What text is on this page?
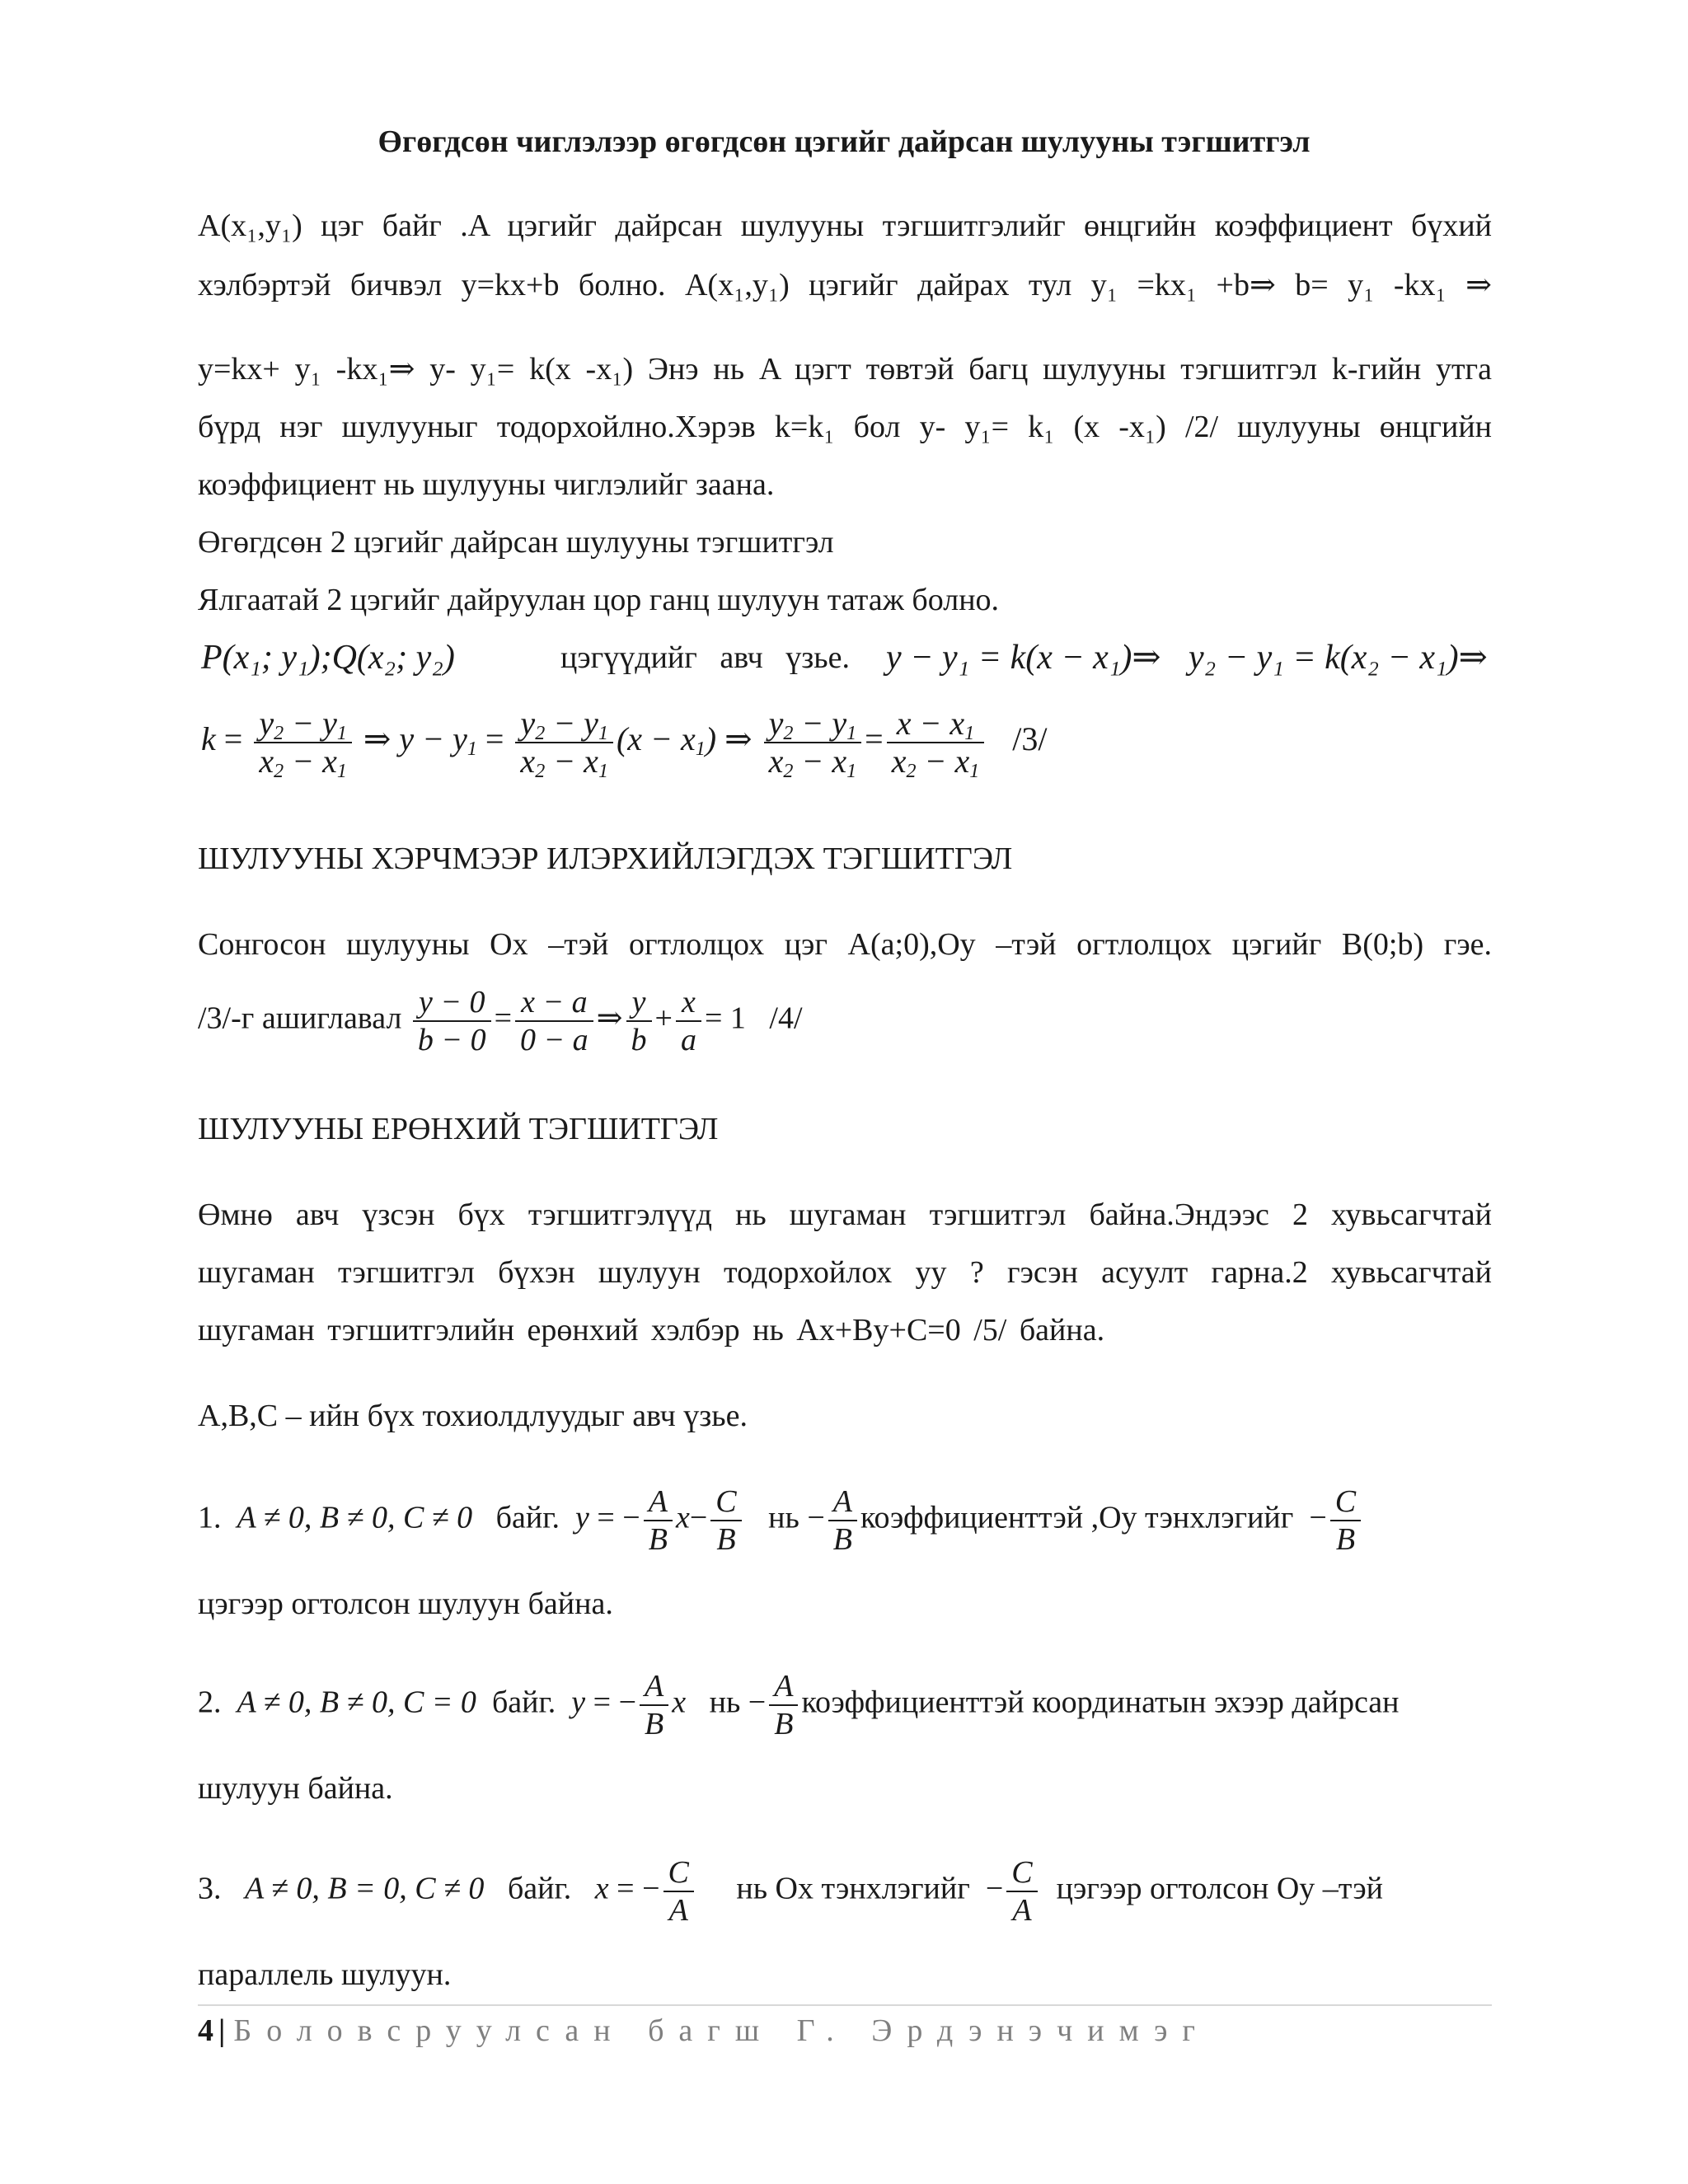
Өгөгдсөн чиглэлээр өгөгдсөн цэгийг дайрсан шулууны тэгшитгэл
A(x₁,y₁) цэг байг .A цэгийг дайрсан шулууны тэгшитгэлийг өнцгийн коэффициент бүхий
хэлбэртэй бичвэл y=kx+b болно. A(x₁,y₁) цэгийг дайрах тул y₁ =kx₁ +b⇒ b= y₁ -kx₁ ⇒
y=kx+ y₁ -kx₁⇒ y- y₁= k(x -x₁) Энэ нь A цэгт төвтэй багц шулууны тэгшитгэл k-гийн утга
бүрд нэг шулууныг тодорхойлно.Хэрэв k=k₁ бол y- y₁= k₁ (x -x₁) /2/ шулууны өнцгийн
коэффициент нь шулууны чиглэлийг заана.
Өгөгдсөн 2 цэгийг дайрсан шулууны тэгшитгэл
Ялгаатай 2 цэгийг дайруулан цор ганц шулуун татаж болно.
P(x₁; y₁);Q(x₂; y₂)	цэгүүдийг авч үзье. y − y₁ = k(x − x₁)⇒ y₂ − y₁ = k(x₂ − x₁)⇒
$k = \frac{y_2 - y_1}{x_2 - x_1}$ ⇒ $y - y_1 = \frac{y_2 - y_1}{x_2 - x_1} (x - x_1)$ ⇒ $\frac{y_2 - y_1}{x_2 - x_1} = \frac{x - x_1}{x_2 - x_1} /3/$
ШУЛУУНЫ ХЭРЧМЭЭР ИЛЭРХИЙЛЭГДЭХ ТЭГШИТГЭЛ
Сонгосон шулууны Ox –тэй огтлолцох цэг A(a;0),Oy –тэй огтлолцох цэгийг B(0;b) гэе.
/3/-г ашиглавал $\frac{y - 0}{b - 0} = \frac{x - a}{0 - a}$ ⇒ $\frac{y}{b} + \frac{x}{a} = 1$   /4/
ШУЛУУНЫ ЕРӨНХИЙ ТЭГШИТГЭЛ
Өмнө авч үзсэн бүх тэгшитгэлүүд нь шугаман тэгшитгэл байна.Эндээс 2 хувьсагчтай
шугаман тэгшитгэл бүхэн шулуун тодорхойлох уу ? гэсэн асуулт гарна.2 хувьсагчтай
шугаман тэгшитгэлийн ерөнхий хэлбэр нь Ax+By+C=0 /5/ байна.
A,B,C – ийн бүх тохиолдлуудыг авч үзье.
1. A ≠ 0, B ≠ 0, C ≠ 0 байг. y = − $\frac{A}{B} x- \frac{C}{B}$ нь − $\frac{A}{B}$ коэффициенттэй ,Oy тэнхлэгийг  − $\frac{C}{B}$
цэгээр огтолсон шулуун байна.
2. A ≠ 0, B ≠ 0, C = 0 байг. y = − $\frac{A}{B}$ x нь − $\frac{A}{B}$ коэффициенттэй координатын эхээр дайрсан
шулуун байна.
3. A ≠ 0, B = 0, C ≠ 0 байг. x = − $\frac{C}{A}$ нь Ox тэнхлэгийг  − $\frac{C}{A}$ цэгээр огтолсон Oy –тэй
параллель шулуун.
4 | Боловсруулсан багш Г. Эрдэнэчимэг
